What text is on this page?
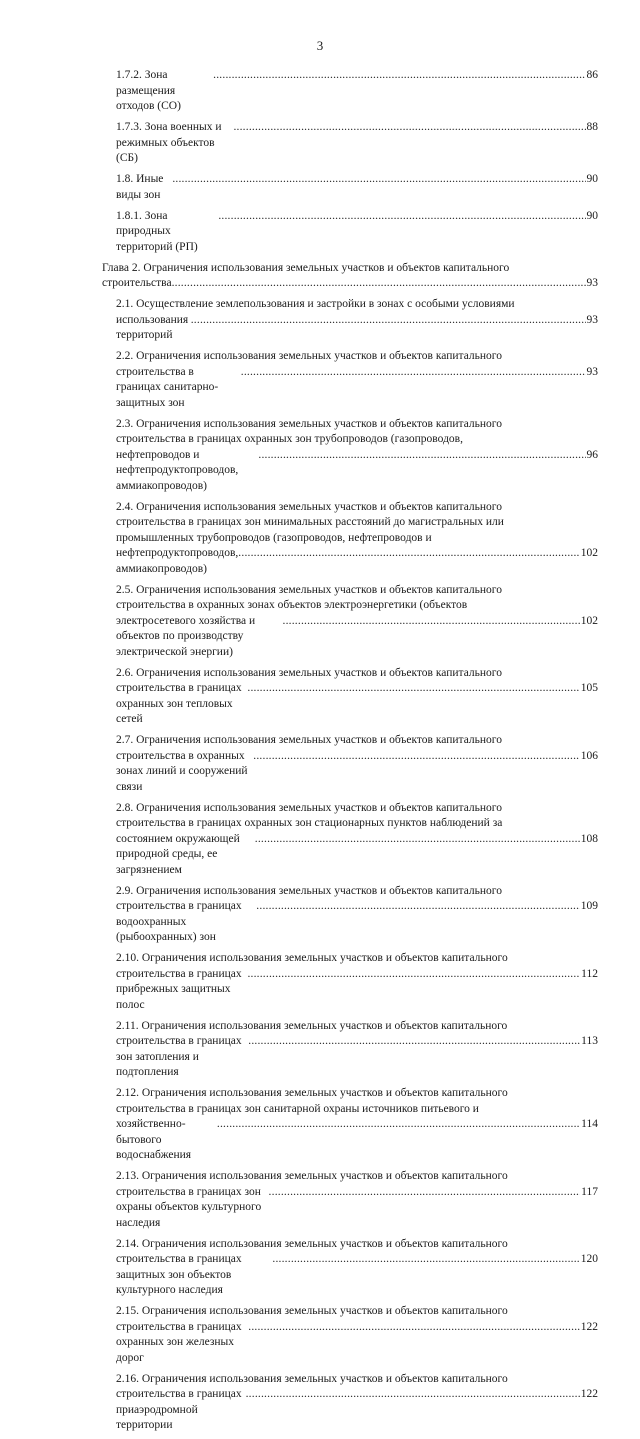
3
1.7.2. Зона размещения отходов (СО)
.....
86
1.7.3. Зона военных и режимных объектов (СБ)
.....
88
1.8. Иные виды зон
.....
90
1.8.1. Зона природных территорий (РП)
.....
90
Глава 2. Ограничения использования земельных участков и объектов капитального
строительства
.....	93
2.1. Осуществление землепользования и застройки в зонах с особыми условиями
использования территорий
.....
93
2.2. Ограничения использования земельных участков и объектов капитального
строительства в границах санитарно-защитных зон
.....
93
2.3. Ограничения использования земельных участков и объектов капитального
строительства в границах охранных зон трубопроводов (газопроводов,
нефтепроводов и нефтепродуктопроводов, аммиакопроводов)
.....
96
2.4. Ограничения использования земельных участков и объектов капитального
строительства в границах зон минимальных расстояний до магистральных или
промышленных трубопроводов (газопроводов, нефтепроводов и
нефтепродуктопроводов, аммиакопроводов)
.....
102
2.5. Ограничения использования земельных участков и объектов капитального
строительства в охранных зонах объектов электроэнергетики (объектов
электросетевого хозяйства и объектов по производству электрической энергии)
.....
102
2.6. Ограничения использования земельных участков и объектов капитального
строительства в границах охранных зон тепловых сетей
.....
105
2.7. Ограничения использования земельных участков и объектов капитального
строительства в охранных зонах линий и сооружений связи
.....
106
2.8. Ограничения использования земельных участков и объектов капитального
строительства в границах охранных зон стационарных пунктов наблюдений за
состоянием окружающей природной среды, ее загрязнением
.....
108
2.9. Ограничения использования земельных участков и объектов капитального
строительства в границах водоохранных (рыбоохранных) зон
.....
109
2.10. Ограничения использования земельных участков и объектов капитального
строительства в границах прибрежных защитных полос
.....
112
2.11. Ограничения использования земельных участков и объектов капитального
строительства в границах зон затопления и подтопления
.....
113
2.12. Ограничения использования земельных участков и объектов капитального
строительства в границах зон санитарной охраны источников питьевого и
хозяйственно-бытового водоснабжения
.....
114
2.13. Ограничения использования земельных участков и объектов капитального
строительства в границах зон охраны объектов культурного наследия
.....
117
2.14. Ограничения использования земельных участков и объектов капитального
строительства в границах защитных зон объектов культурного наследия
.....
120
2.15. Ограничения использования земельных участков и объектов капитального
строительства в границах охранных зон железных дорог
.....
122
2.16. Ограничения использования земельных участков и объектов капитального
строительства в границах приаэродромной территории
.....
122
